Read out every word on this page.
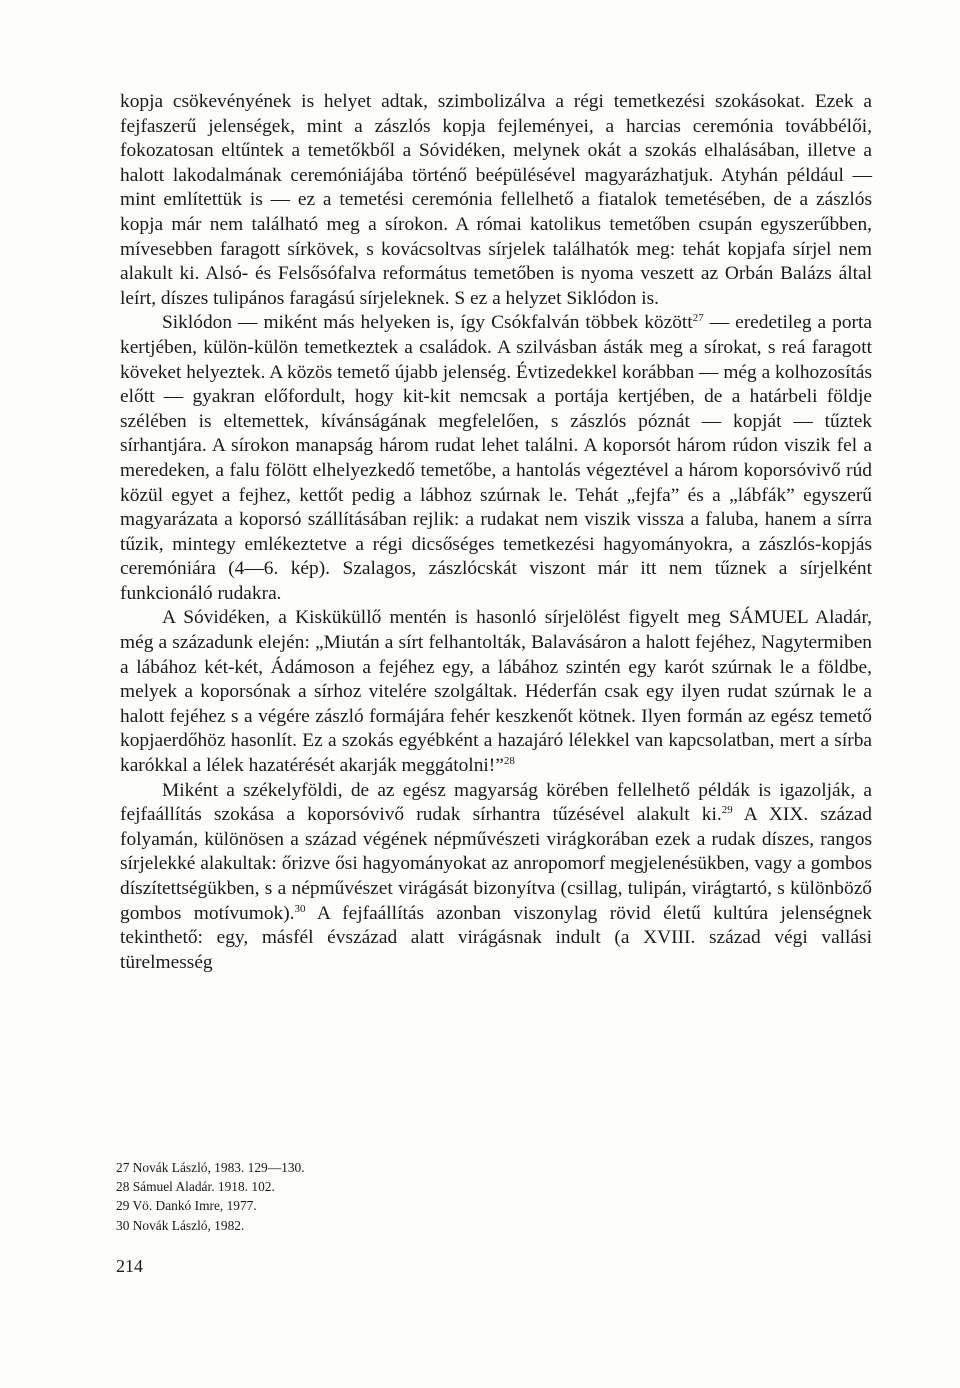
kopja csökevényének is helyet adtak, szimbolizálva a régi temetkezési szokásokat. Ezek a fejfaszerű jelenségek, mint a zászlós kopja fejleményei, a harcias ceremónia továbbélői, fokozatosan eltűntek a temetőkből a Sóvidéken, melynek okát a szokás elhalásában, illetve a halott lakodalmának ceremóniájába történő beépülésével magyarázhatjuk. Atyhán például — mint említettük is — ez a temetési ceremónia fellelhető a fiatalok temetésében, de a zászlós kopja már nem található meg a sírokon. A római katolikus temetőben csupán egyszerűbben, mívesebben faragott sírkövek, s kovácsoltvas sírjelek találhatók meg: tehát kopjafa sírjel nem alakult ki. Alsó- és Felsősófalva református temetőben is nyoma veszett az Orbán Balázs által leírt, díszes tulipános faragású sírjeleknek. S ez a helyzet Siklódon is.

Siklódon — miként más helyeken is, így Csókfalván többek között$^{27}$ — eredetileg a porta kertjében, külön-külön temetkeztek a családok. A szilvásban ásták meg a sírokat, s reá faragott köveket helyeztek. A közös temető újabb jelenség. Évtizedekkel korábban — még a kolhozosítás előtt — gyakran előfordult, hogy kit-kit nemcsak a portája kertjében, de a határbeli földje szélében is eltemettek, kívánságának megfelelően, s zászlós póznát — kopját — tűztek sírhantjára. A sírokon manapság három rudat lehet találni. A koporsót három rúdon viszik fel a meredeken, a falu fölött elhelyezkedő temetőbe, a hantolás végeztével a három koporsóvivő rúd közül egyet a fejhez, kettőt pedig a lábhoz szúrnak le. Tehát „fejfa” és a „lábfák” egyszerű magyarázata a koporsó szállításában rejlik: a rudakat nem viszik vissza a faluba, hanem a sírra tűzik, mintegy emlékeztetve a régi dicsőséges temetkezési hagyományokra, a zászlós-kopjás ceremóniára (4—6. kép). Szalagos, zászlócskát viszont már itt nem tűznek a sírjelként funkcionáló rudakra.

A Sóvidéken, a Kisküküllő mentén is hasonló sírjelölést figyelt meg SÁMUEL Aladár, még a századunk elején: „Miután a sírt felhantolták, Balavásáron a halott fejéhez, Nagytermiben a lábához két-két, Ádámoson a fejéhez egy, a lábához szintén egy karót szúrnak le a földbe, melyek a koporsónak a sírhoz vitelére szolgáltak. Héderfán csak egy ilyen rudat szúrnak le a halott fejéhez s a végére zászló formájára fehér keszkenőt kötnek. Ilyen formán az egész temető kopjaerdőhöz hasonlít. Ez a szokás egyébként a hazajáró lélekkel van kapcsolatban, mert a sírba karókkal a lélek hazatérését akarják meggátolni!”$^{28}$

Miként a székelyföldi, de az egész magyarság körében fellelhető példák is igazolják, a fejfaállítás szokása a koporsóvivő rudak sírhantra tűzésével alakult ki.$^{29}$ A XIX. század folyamán, különösen a század végének népművészeti virágkorában ezek a rudak díszes, rangos sírjelekké alakultak: őrizve ősi hagyományokat az anropomorf megjelenésükben, vagy a gombos díszítettségükben, s a népművészet virágását bizonyítva (csillag, tulipán, virágtartó, s különböző gombos motívumok).$^{30}$ A fejfaállítás azonban viszonylag rövid életű kultúra jelenségnek tekinthető: egy, másfél évszázad alatt virágásnak indult (a XVIII. század végi vallási türelmesség

27 Novák László, 1983. 129—130.
28 Sámuel Aladár. 1918. 102.
29 Vö. Dankó Imre, 1977.
30 Novák László, 1982.
214
